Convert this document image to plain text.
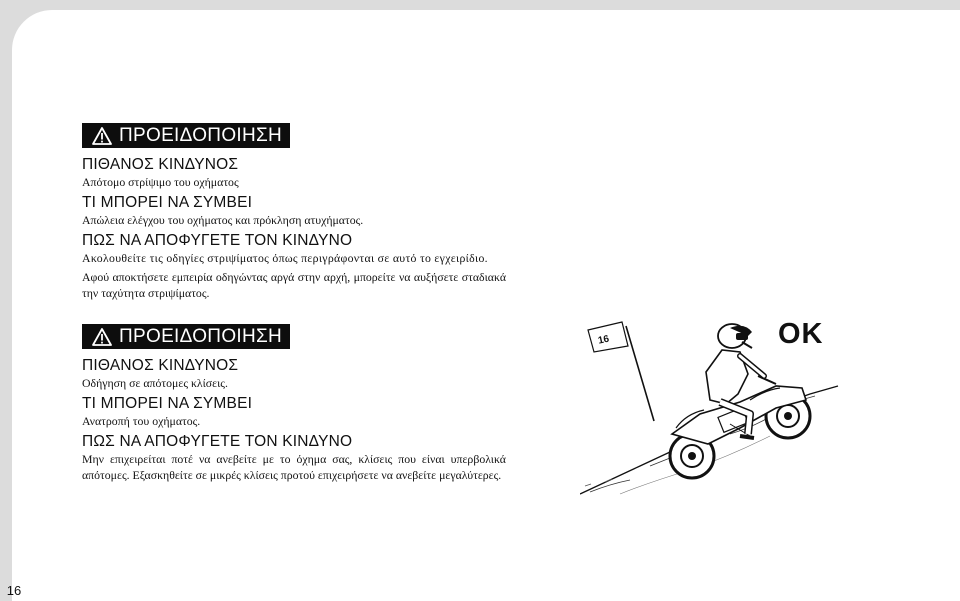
ΠΡΟΕΙΔΟΠΟΙΗΣΗ

ΠΙΘΑΝΟΣ ΚΙΝΔΥΝΟΣ

Απότομο στρίψιμο του οχήματος

ΤΙ ΜΠΟΡΕΙ ΝΑ ΣΥΜΒΕΙ

Απώλεια ελέγχου του οχήματος και πρόκληση ατυχήματος.

ΠΩΣ ΝΑ ΑΠΟΦΥΓΕΤΕ ΤΟΝ ΚΙΝΔΥΝΟ

Ακολουθείτε τις οδηγίες στριψίματος όπως περιγράφονται σε αυτό το εγχειρίδιο.

Αφού αποκτήσετε εμπειρία οδηγώντας αργά στην αρχή, μπορείτε να αυξήσετε σταδιακά την ταχύτητα στριψίματος.

ΠΡΟΕΙΔΟΠΟΙΗΣΗ

ΠΙΘΑΝΟΣ ΚΙΝΔΥΝΟΣ

Οδήγηση σε απότομες κλίσεις.

ΤΙ ΜΠΟΡΕΙ ΝΑ ΣΥΜΒΕΙ

Ανατροπή του οχήματος.

ΠΩΣ ΝΑ ΑΠΟΦΥΓΕΤΕ ΤΟΝ ΚΙΝΔΥΝΟ

Μην επιχειρείται ποτέ να ανεβείτε με το όχημα σας, κλίσεις που είναι υπερβολικά απότομες. Εξασκηθείτε σε μικρές κλίσεις προτού επιχειρήσετε να ανεβείτε μεγαλύτερες.

16	OK
16
